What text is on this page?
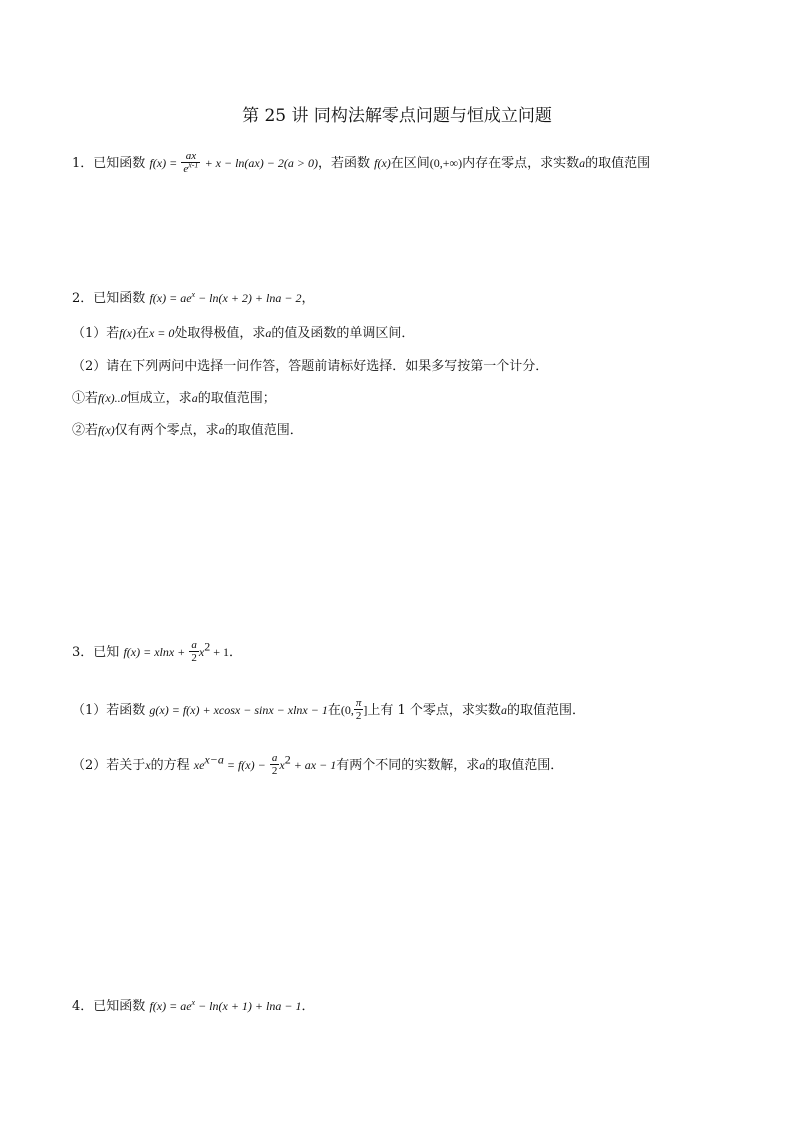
第 25 讲 同构法解零点问题与恒成立问题
1．已知函数 $f(x) = \frac{ax}{e^{x-1}} + x - \ln(ax) - 2(a > 0)$，若函数 f(x)在区间(0,+∞)内存在零点，求实数a的取值范围
2．已知函数 $f(x) = ae^x - \ln(x + 2) + \ln a - 2$，
（1）若f(x)在x = 0处取得极值，求a的值及函数的单调区间．
（2）请在下列两问中选择一问作答，答题前请标好选择．如果多写按第一个计分．
①若f(x)..0恒成立，求a的取值范围；
②若f(x)仅有两个零点，求a的取值范围．
3．已知 $f(x) = xlnx + \frac{a}{2} x^2 + 1$．
（1）若函数 g(x) = f(x) + xcosx − sinx − xlnx − 1在(0, $\frac{\pi}{2}$ ]上有 1 个零点，求实数a的取值范围．
（2）若关于x的方程 $xe^{x-a} = f(x) - \frac{a}{2} x^2$ + ax − 1有两个不同的实数解，求a的取值范围．
4．已知函数 $f(x) = ae^x - \ln(x + 1) + \ln a - 1$．
